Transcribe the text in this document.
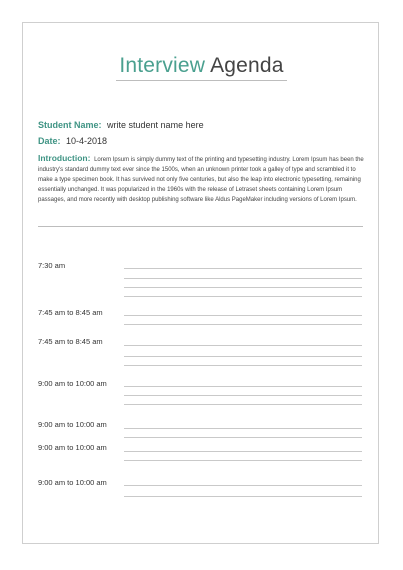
Interview Agenda
Student Name: write student name here
Date: 10-4-2018
Introduction: Lorem Ipsum is simply dummy text of the printing and typesetting industry. Lorem Ipsum has been the industry's standard dummy text ever since the 1500s, when an unknown printer took a galley of type and scrambled it to make a type specimen book. It has survived not only five centuries, but also the leap into electronic typesetting, remaining essentially unchanged. It was popularized in the 1960s with the release of Letraset sheets containing Lorem Ipsum passages, and more recently with desktop publishing software like Aldus PageMaker including versions of Lorem Ipsum.
7:30 am
7:45 am to 8:45 am
7:45 am to 8:45 am
9:00 am to 10:00 am
9:00 am to 10:00 am
9:00 am to 10:00 am
9:00 am to 10:00 am
